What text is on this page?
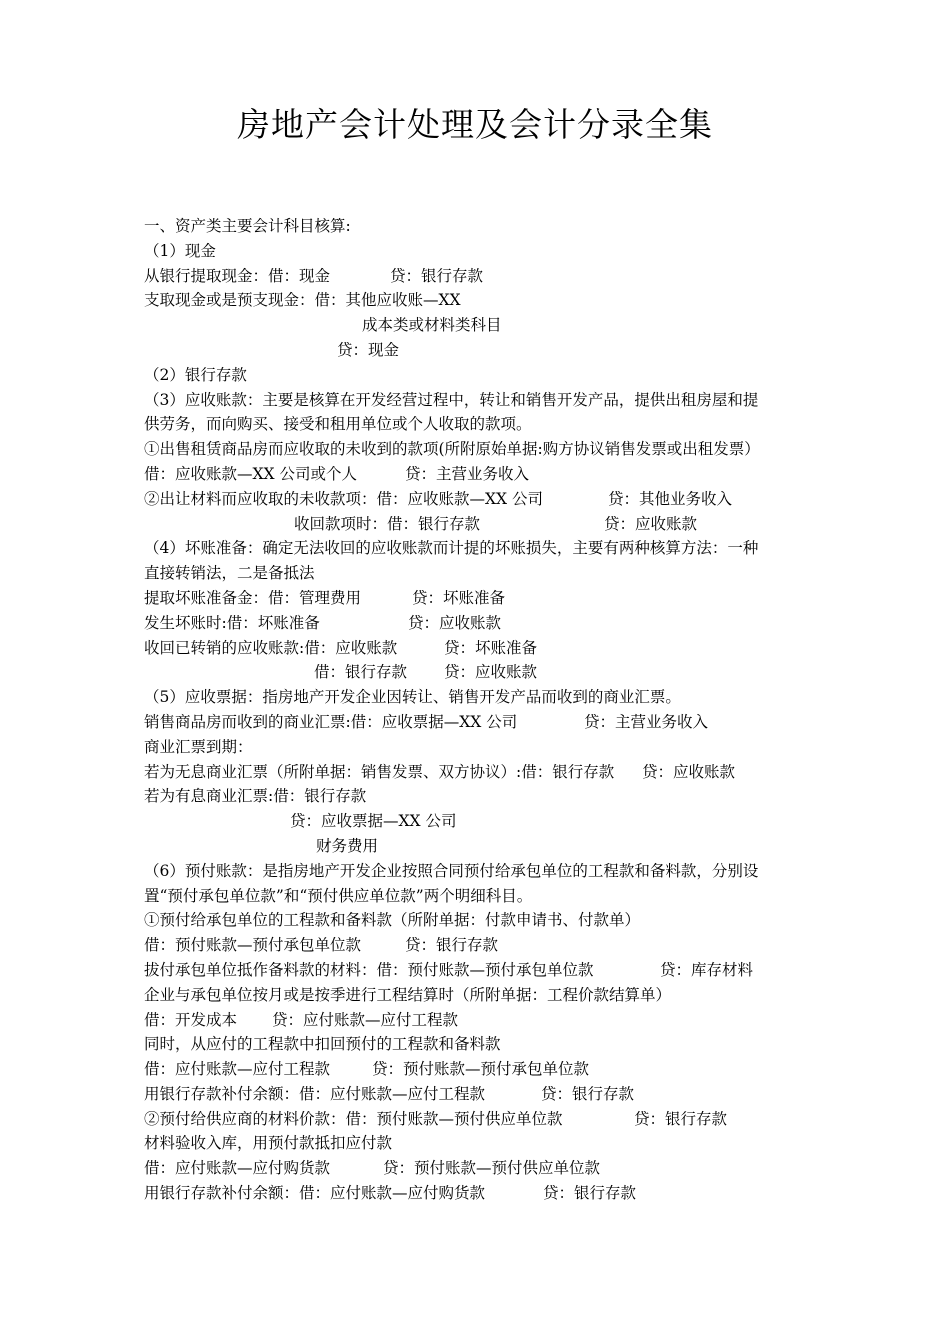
房地产会计处理及会计分录全集
一、资产类主要会计科目核算:
（1）现金
从银行提取现金：借：现金	贷：银行存款
支取现金或是预支现金：借：其他应收账—XX
成本类或材料类科目
贷：现金
（2）银行存款
（3）应收账款：主要是核算在开发经营过程中，转让和销售开发产品，提供出租房屋和提
供劳务，而向购买、接受和租用单位或个人收取的款项。
①出售租赁商品房而应收取的未收到的款项(所附原始单据:购方协议销售发票或出租发票）
借：应收账款—XX 公司或个人	贷：主营业务收入
②出让材料而应收取的未收款项：借：应收账款—XX 公司	贷：其他业务收入
收回款项时：借：银行存款	贷：应收账款
（4）坏账准备：确定无法收回的应收账款而计提的坏账损失，主要有两种核算方法：一种
直接转销法，二是备抵法
提取坏账准备金：借：管理费用	贷：坏账准备
发生坏账时:借：坏账准备	贷：应收账款
收回已转销的应收账款:借：应收账款	贷：坏账准备
借：银行存款 贷：应收账款
（5）应收票据：指房地产开发企业因转让、销售开发产品而收到的商业汇票。
销售商品房而收到的商业汇票:借：应收票据—XX 公司	贷：主营业务收入
商业汇票到期：
若为无息商业汇票（所附单据：销售发票、双方协议）:借：银行存款 贷：应收账款
若为有息商业汇票:借：银行存款
贷：应收票据—XX 公司
财务费用
（6）预付账款：是指房地产开发企业按照合同预付给承包单位的工程款和备料款，分别设
置“预付承包单位款”和“预付供应单位款”两个明细科目。
①预付给承包单位的工程款和备料款（所附单据：付款申请书、付款单）
借：预付账款—预付承包单位款	贷：银行存款
拔付承包单位抵作备料款的材料：借：预付账款—预付承包单位款	贷：库存材料
企业与承包单位按月或是按季进行工程结算时（所附单据：工程价款结算单）
借：开发成本 贷：应付账款—应付工程款
同时，从应付的工程款中扣回预付的工程款和备料款
借：应付账款—应付工程款	贷：预付账款—预付承包单位款
用银行存款补付余额：借：应付账款—应付工程款	贷：银行存款
②预付给供应商的材料价款：借：预付账款—预付供应单位款	贷：银行存款
材料验收入库，用预付款抵扣应付款
借：应付账款—应付购货款	贷：预付账款—预付供应单位款
用银行存款补付余额：借：应付账款—应付购货款	贷：银行存款
